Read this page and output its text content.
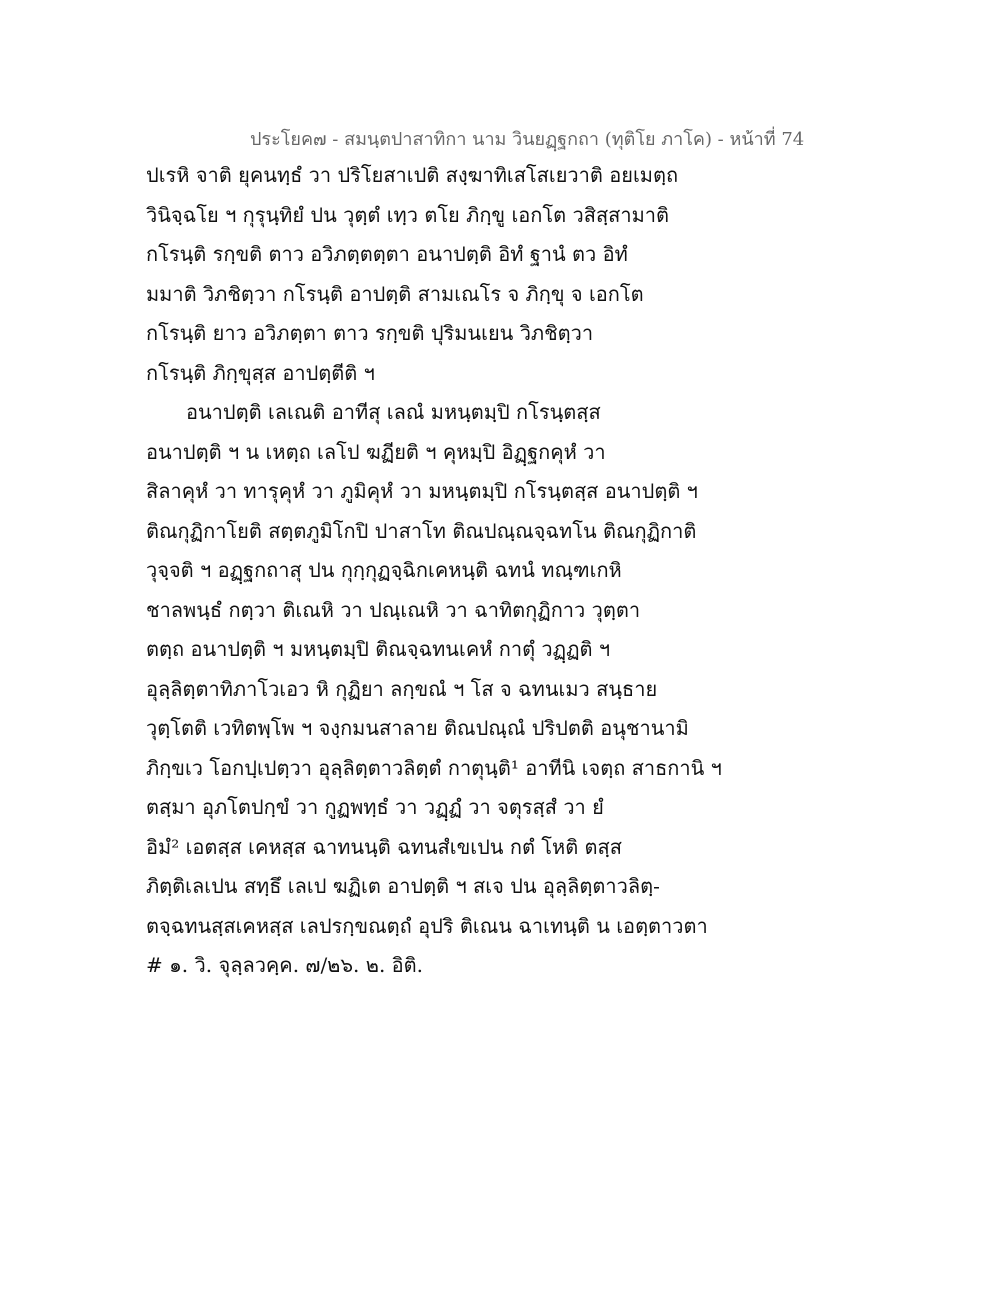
ประโยค๗ - สมนฺตปาสาทิกา นาม วินยฏฺฐกถา (ทุติโย ภาโค) - หน้าที่ 74
ปเรหิ จาติ ยุคนทฺธํ วา ปริโยสาเปติ สงฺฆาทิเสโสเยวาติ อยเมตฺถ
วินิจฺฉโย ฯ กุรุนฺทิยํ ปน วุตฺตํ เทฺว ตโย ภิกฺขู เอกโต วสิสฺสามาติ
กโรนฺติ รกฺขติ ตาว อวิภตฺตตฺตา อนาปตฺติ อิทํ ฐานํ ตว อิทํ
มมาติ วิภชิตฺวา กโรนฺติ อาปตฺติ สามเณโร จ ภิกฺขุ จ เอกโต
กโรนฺติ ยาว อวิภตฺตา ตาว รกฺขติ ปุริมนเยน วิภชิตฺวา
กโรนฺติ ภิกฺขุสฺส อาปตฺตีติ ฯ
อนาปตฺติ เลเณติ อาทีสุ เลณํ มหนฺตมฺปิ กโรนฺตสฺส
อนาปตฺติ ฯ น เหตฺถ เลโป ฆฏียติ ฯ คุหมฺปิ อิฏฺฐกคุหํ วา
สิลาคุหํ วา ทารุคุหํ วา ภูมิคุหํ วา มหนฺตมฺปิ กโรนฺตสฺส อนาปตฺติ ฯ
ติณกุฏิกาโยติ สตฺตภูมิโกปิ ปาสาโท ติณปณฺณจฺฉทโน ติณกุฏิกาติ
วุจฺจติ ฯ อฏฺฐกถาสุ ปน กุกฺกุฏจฺฉิกเคหนฺติ ฉทนํ ทณฺฑเกหิ
ชาลพนฺธํ กตฺวา ติเณหิ วา ปณฺเณหิ วา ฉาทิตกุฏิกาว วุตฺตา
ตตฺถ อนาปตฺติ ฯ มหนฺตมฺปิ ติณจฺฉทนเคหํ กาตุํ วฏฺฏติ ฯ
อุลฺลิตฺตาทิภาโวเอว หิ กุฏิยา ลกฺขณํ ฯ โส จ ฉทนเมว สนฺธาย
วุตฺโตติ เวทิตพฺโพ ฯ จงฺกมนสาลาย ติณปณฺณํ ปริปตติ อนุชานามิ
ภิกฺขเว โอกปฺเปตฺวา อุลฺลิตฺตาวลิตฺตํ กาตุนฺติ¹ อาทีนิ เจตฺถ สาธกานิ ฯ
ตสฺมา อุภโตปกฺขํ วา กูฏพทฺธํ วา วฏฺฏํ วา จตุรสฺสํ วา ยํ
อิมํ² เอตสฺส เคหสฺส ฉาทนนฺติ ฉทนสํเขเปน กตํ โหติ ตสฺส
ภิตฺติเลเปน สทฺธึ เลเป ฆฏิเต อาปตฺติ ฯ สเจ ปน อุลฺลิตฺตาวลิตฺ-
ตจฺฉทนสฺสเคหสฺส เลปรกฺขณตฺถํ อุปริ ติเณน ฉาเทนฺติ น เอตฺตาวตา
# ๑. วิ. จุลฺลวคฺค. ๗/๒๖. ๒. อิติ.
